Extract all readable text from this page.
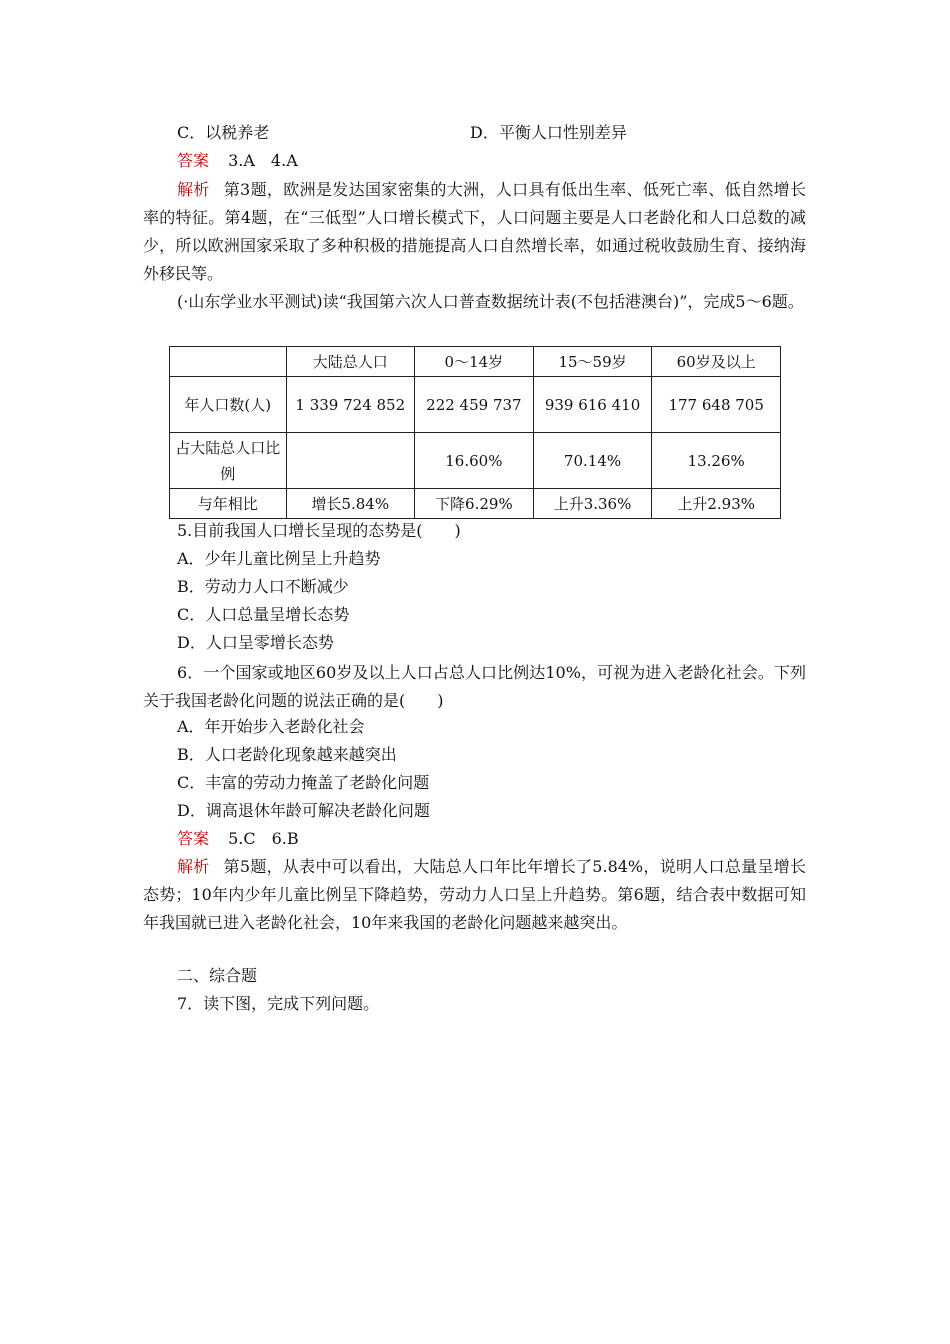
C．以税养老	D．平衡人口性别差异
答案 3.A　4.A
解析 第3题，欧洲是发达国家密集的大洲，人口具有低出生率、低死亡率、低自然增长率的特征。第4题，在“三低型”人口增长模式下，人口问题主要是人口老龄化和人口总数的减少，所以欧洲国家采取了多种积极的措施提高人口自然增长率，如通过税收鼓励生育、接纳海外移民等。
(·山东学业水平测试)读“我国第六次人口普查数据统计表(不包括港澳台)”，完成5～6题。
	大陆总人口	0～14岁	15～59岁	60岁及以上
年人口数(人)	1 339 724 852	222 459 737	939 616 410	177 648 705
占大陆总人口比例		16.60%	70.14%	13.26%
与年相比	增长5.84%	下降6.29%	上升3.36%	上升2.93%
5.目前我国人口增长呈现的态势是(　　)
A．少年儿童比例呈上升趋势
B．劳动力人口不断减少
C．人口总量呈增长态势
D．人口呈零增长态势
6．一个国家或地区60岁及以上人口占总人口比例达10%，可视为进入老龄化社会。下列关于我国老龄化问题的说法正确的是(　　)
A．年开始步入老龄化社会
B．人口老龄化现象越来越突出
C．丰富的劳动力掩盖了老龄化问题
D．调高退休年龄可解决老龄化问题
答案 5.C　6.B
解析 第5题，从表中可以看出，大陆总人口年比年增长了5.84%，说明人口总量呈增长态势；10年内少年儿童比例呈下降趋势，劳动力人口呈上升趋势。第6题，结合表中数据可知年我国就已进入老龄化社会，10年来我国的老龄化问题越来越突出。
二、综合题
7．读下图，完成下列问题。
